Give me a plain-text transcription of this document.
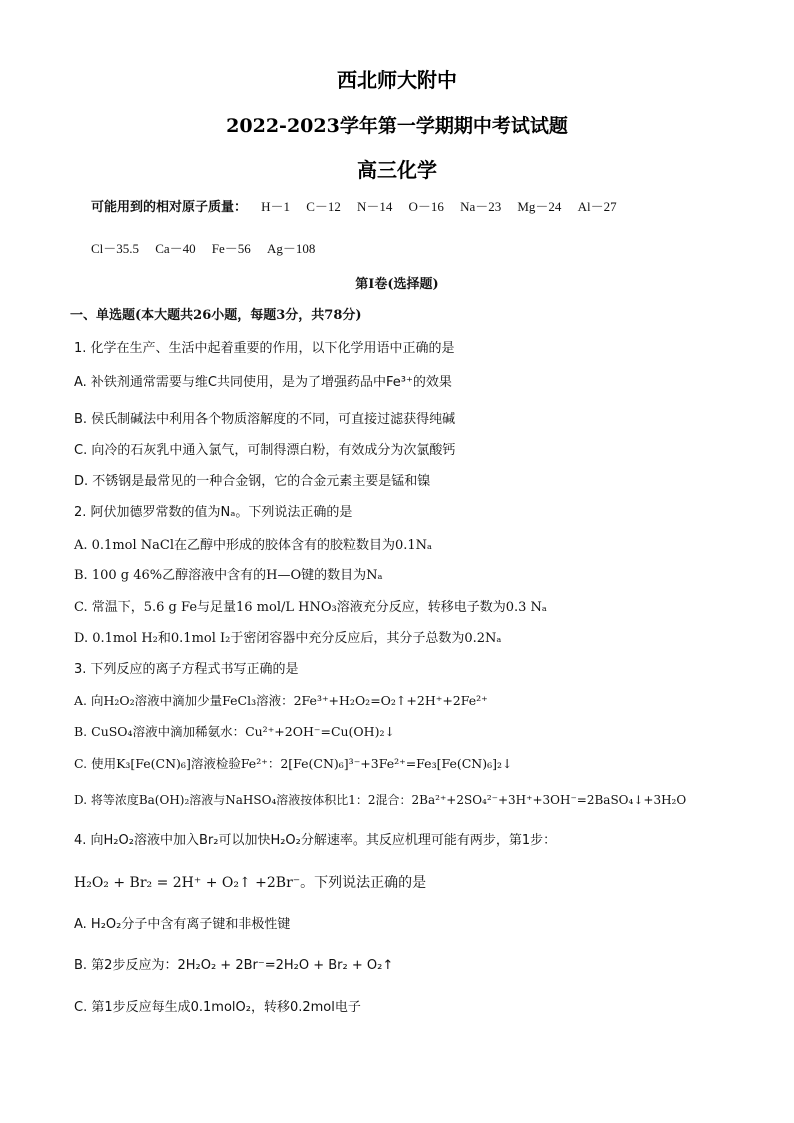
西北师大附中
2022-2023学年第一学期期中考试试题
高三化学
可能用到的相对原子质量： H－1 C－12 N－14 O－16 Na－23 Mg－24 Al－27
Cl－35.5 Ca－40 Fe－56 Ag－108
第Ⅰ卷(选择题)
一、单选题(本大题共26小题，每题3分，共78分)
1. 化学在生产、生活中起着重要的作用，以下化学用语中正确的是
A. 补铁剂通常需要与维C共同使用，是为了增强药品中Fe³⁺的效果
B. 侯氏制碱法中利用各个物质溶解度的不同，可直接过滤获得纯碱
C. 向冷的石灰乳中通入氯气，可制得漂白粉，有效成分为次氯酸钙
D. 不锈钢是最常见的一种合金钢，它的合金元素主要是锰和镍
2. 阿伏加德罗常数的值为Nₐ。下列说法正确的是
A. 0.1mol NaCl在乙醇中形成的胶体含有的胶粒数目为0.1Nₐ
B. 100 g 46%乙醇溶液中含有的H—O键的数目为Nₐ
C. 常温下，5.6 g Fe与足量16 mol/L HNO₃溶液充分反应，转移电子数为0.3 Nₐ
D. 0.1mol H₂和0.1mol I₂于密闭容器中充分反应后，其分子总数为0.2Nₐ
3. 下列反应的离子方程式书写正确的是
A. 向H₂O₂溶液中滴加少量FeCl₃溶液：2Fe³⁺+H₂O₂=O₂↑+2H⁺+2Fe²⁺
B. CuSO₄溶液中滴加稀氨水：Cu²⁺+2OH⁻=Cu(OH)₂↓
C. 使用K₃[Fe(CN)₆]溶液检验Fe²⁺：2[Fe(CN)₆]³⁻+3Fe²⁺=Fe₃[Fe(CN)₆]₂↓
D. 将等浓度Ba(OH)₂溶液与NaHSO₄溶液按体积比1：2混合：2Ba²⁺+2SO₄²⁻+3H⁺+3OH⁻=2BaSO₄↓+3H₂O
4. 向H₂O₂溶液中加入Br₂可以加快H₂O₂分解速率。其反应机理可能有两步，第1步：
H₂O₂ + Br₂ = 2H⁺ + O₂↑ +2Br⁻。下列说法正确的是
A. H₂O₂分子中含有离子键和非极性键
B. 第2步反应为：2H₂O₂ + 2Br⁻=2H₂O + Br₂ + O₂↑
C. 第1步反应每生成0.1molO₂，转移0.2mol电子
